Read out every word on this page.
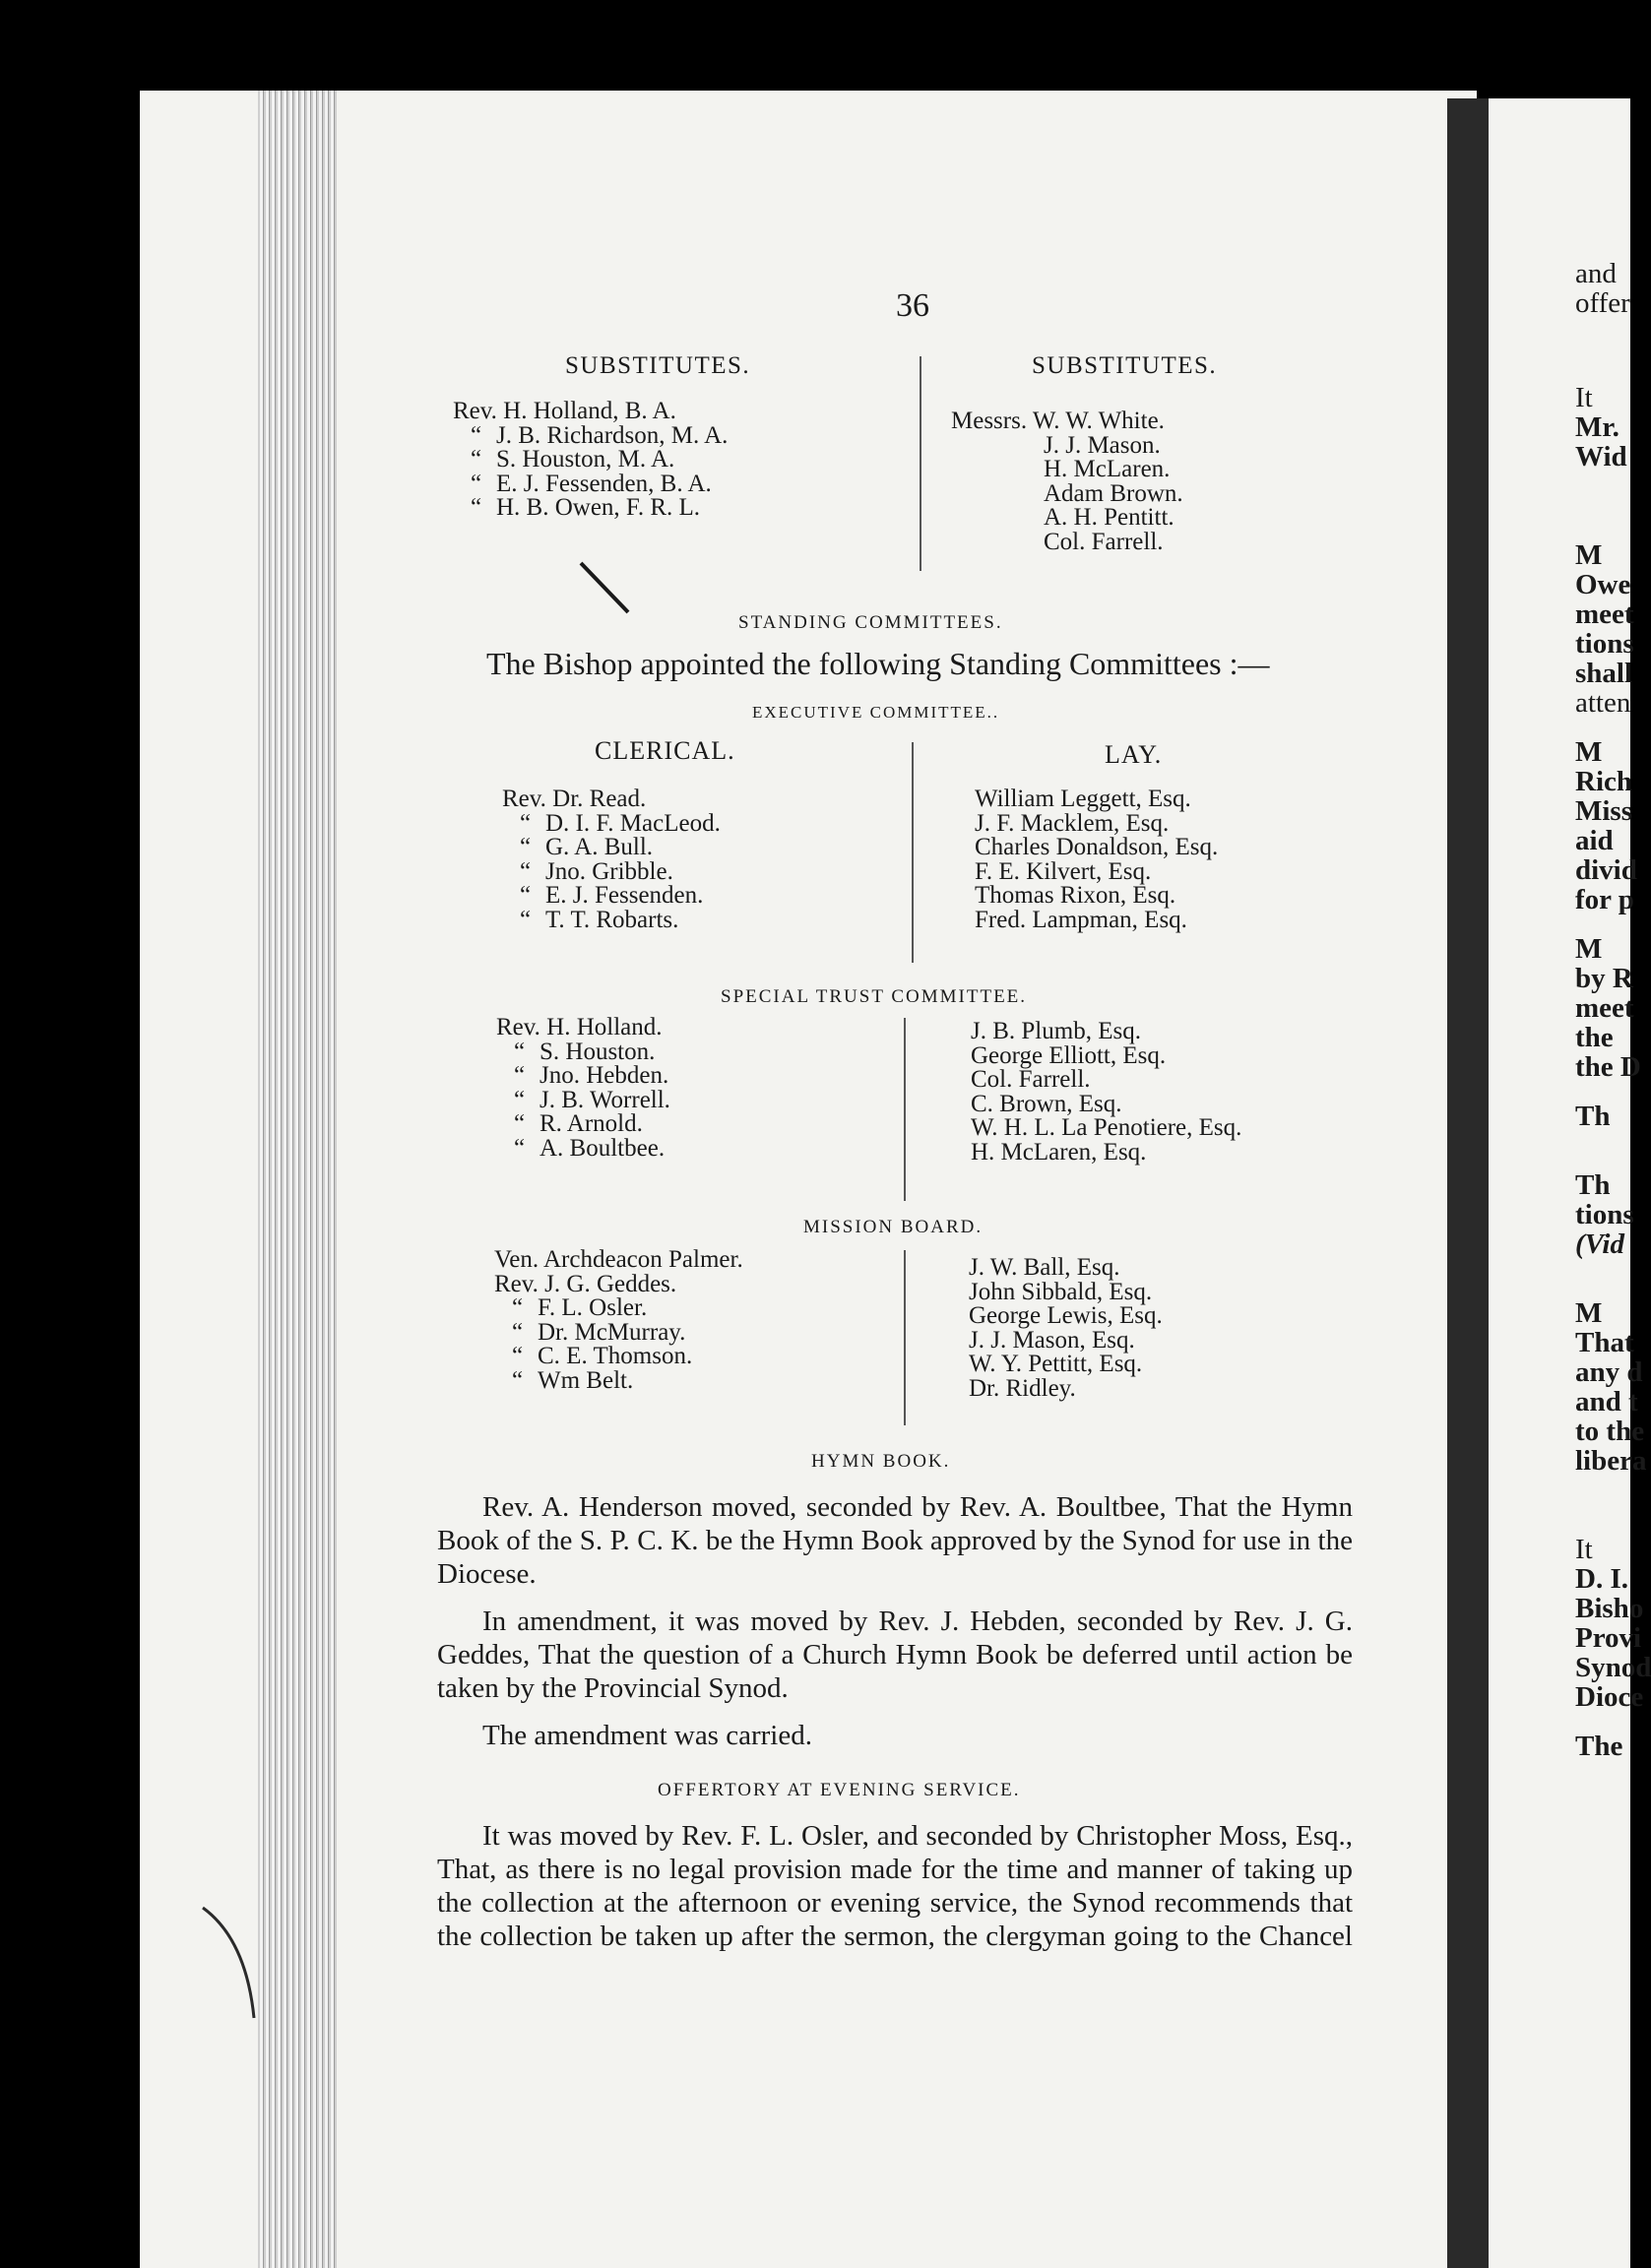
and
offer
It
Mr.
Wid
M
Owe
meet
tions
shall
atten
M
Rich
Miss
aid
divid
for p
M
by R
meet
the
the D
Th
Th
tions
(Vid
M
That
any d
and t
to the
libera
It
D. I.
Bisho
Provi
Synod
Dioce
The
36
SUBSTITUTES.	SUBSTITUTES.
Rev. H. Holland, B. A.
“ J. B. Richardson, M. A.
“ S. Houston, M. A.
“ E. J. Fessenden, B. A.
“ H. B. Owen, F. R. L.
Messrs. W. W. White.
J. J. Mason.
H. McLaren.
Adam Brown.
A. H. Pentitt.
Col. Farrell.
STANDING COMMITTEES.
The Bishop appointed the following Standing Committees :—
EXECUTIVE COMMITTEE..
CLERICAL.	LAY.
Rev. Dr. Read.
“ D. I. F. MacLeod.
“ G. A. Bull.
“ Jno. Gribble.
“ E. J. Fessenden.
“ T. T. Robarts.
William Leggett, Esq.
J. F. Macklem, Esq.
Charles Donaldson, Esq.
F. E. Kilvert, Esq.
Thomas Rixon, Esq.
Fred. Lampman, Esq.
SPECIAL TRUST COMMITTEE.
Rev. H. Holland.
“ S. Houston.
“ Jno. Hebden.
“ J. B. Worrell.
“ R. Arnold.
“ A. Boultbee.
J. B. Plumb, Esq.
George Elliott, Esq.
Col. Farrell.
C. Brown, Esq.
W. H. L. La Penotiere, Esq.
H. McLaren, Esq.
MISSION BOARD.
Ven. Archdeacon Palmer.
Rev. J. G. Geddes.
“ F. L. Osler.
“ Dr. McMurray.
“ C. E. Thomson.
“ Wm Belt.
J. W. Ball, Esq.
John Sibbald, Esq.
George Lewis, Esq.
J. J. Mason, Esq.
W. Y. Pettitt, Esq.
Dr. Ridley.
HYMN BOOK.
Rev. A. Henderson moved, seconded by Rev. A. Boultbee, That the Hymn Book of the S. P. C. K. be the Hymn Book approved by the Synod for use in the Diocese.
In amendment, it was moved by Rev. J. Hebden, seconded by Rev. J. G. Geddes, That the question of a Church Hymn Book be deferred until action be taken by the Provincial Synod.
The amendment was carried.
OFFERTORY AT EVENING SERVICE.
It was moved by Rev. F. L. Osler, and seconded by Christopher Moss, Esq., That, as there is no legal provision made for the time and manner of taking up the collection at the afternoon or evening service, the Synod recommends that the collection be taken up after the sermon, the clergyman going to the Chancel
